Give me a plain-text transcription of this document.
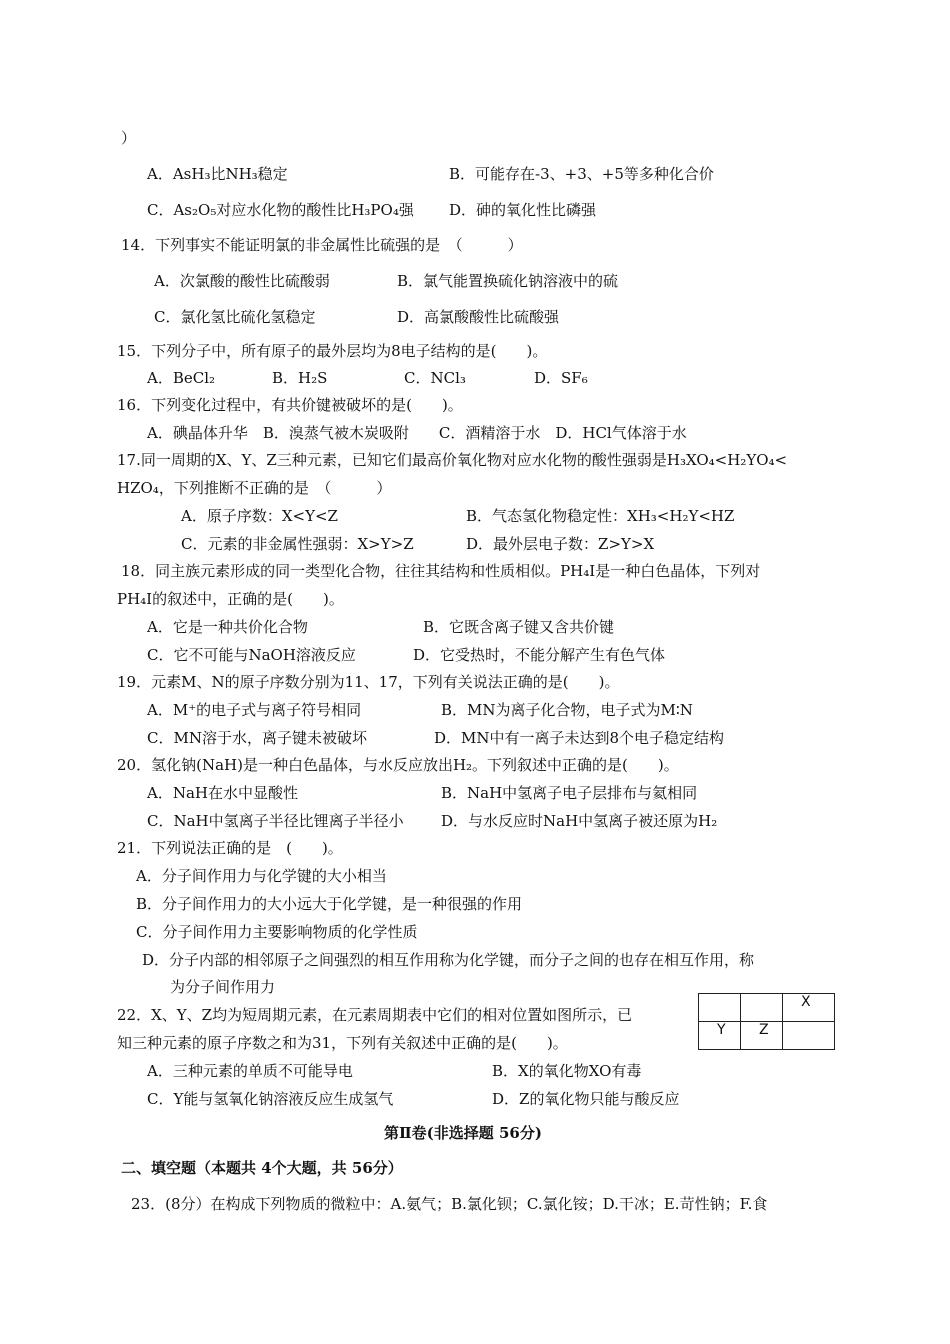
）
A．AsH₃比NH₃稳定	B．可能存在-3、+3、+5等多种化合价
C．As₂O₅对应水化物的酸性比H₃PO₄强 D．砷的氧化性比磷强
14．下列事实不能证明氯的非金属性比硫强的是　（　　　）
A．次氯酸的酸性比硫酸弱	B．氯气能置换硫化钠溶液中的硫
C．氯化氢比硫化氢稳定	D．高氯酸酸性比硫酸强
15．下列分子中，所有原子的最外层均为8电子结构的是(　　)。
A．BeCl₂	B．H₂S	C．NCl₃	D．SF₆
16．下列变化过程中，有共价键被破坏的是(　　)。
A．碘晶体升华　B．溴蒸气被木炭吸附　　C．酒精溶于水　D．HCl气体溶于水
17.同一周期的X、Y、Z三种元素，已知它们最高价氧化物对应水化物的酸性强弱是H₃XO₄<H₂YO₄<
HZO₄，下列推断不正确的是　（　　　）
A．原子序数：X<Y<Z	B．气态氢化物稳定性：XH₃<H₂Y<HZ
C．元素的非金属性强弱：X>Y>Z	D．最外层电子数：Z>Y>X
18．同主族元素形成的同一类型化合物，往往其结构和性质相似。PH₄I是一种白色晶体，下列对
PH₄I的叙述中，正确的是(　　)。
A．它是一种共价化合物	B．它既含离子键又含共价键
C．它不可能与NaOH溶液反应	D．它受热时，不能分解产生有色气体
19．元素M、N的原子序数分别为11、17，下列有关说法正确的是(　　)。
A．M⁺的电子式与离子符号相同	B．MN为离子化合物，电子式为M∶N
C．MN溶于水，离子键未被破坏	D．MN中有一离子未达到8个电子稳定结构
20．氢化钠(NaH)是一种白色晶体，与水反应放出H₂。下列叙述中正确的是(　　)。
A．NaH在水中显酸性	B．NaH中氢离子电子层排布与氦相同
C．NaH中氢离子半径比锂离子半径小 D．与水反应时NaH中氢离子被还原为H₂
21．下列说法正确的是　(　　)。
A．分子间作用力与化学键的大小相当
B．分子间作用力的大小远大于化学键，是一种很强的作用
C．分子间作用力主要影响物质的化学性质
D．分子内部的相邻原子之间强烈的相互作用称为化学键，而分子之间的也存在相互作用，称
为分子间作用力
22．X、Y、Z均为短周期元素，在元素周期表中它们的相对位置如图所示，已
知三种元素的原子序数之和为31，下列有关叙述中正确的是(　　)。
A．三种元素的单质不可能导电	B．X的氧化物XO有毒
C．Y能与氢氧化钠溶液反应生成氢气	D．Z的氧化物只能与酸反应
		X
Y	Z	
第Ⅱ卷(非选择题 56分)
二、填空题（本题共 4个大题，共 56分）
23．(8分）在构成下列物质的微粒中：A.氨气；B.氯化钡；C.氯化铵；D.干冰；E.苛性钠；F.食
